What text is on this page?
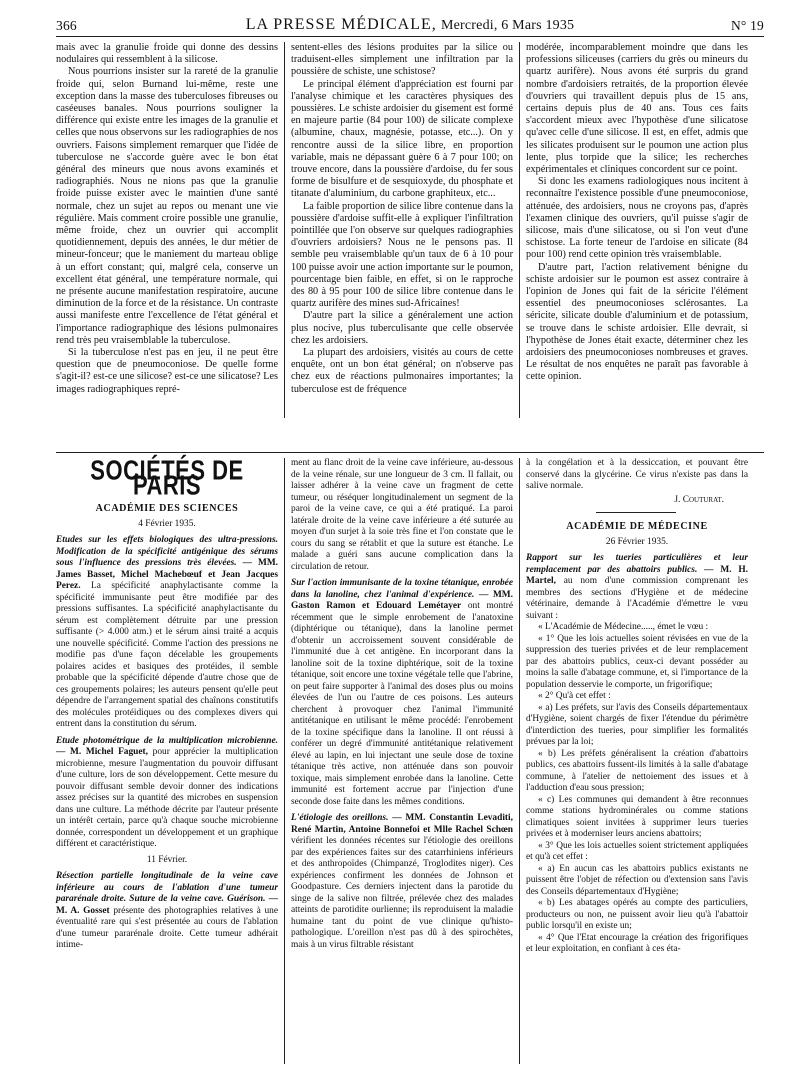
366	LA PRESSE MÉDICALE, Mercredi, 6 Mars 1935	N° 19

mais avec la granulie froide qui donne des dessins nodulaires qui ressemblent à la silicose.

Nous pourrions insister sur la rareté de la granulie froide qui, selon Burnand lui-même, reste une exception dans la masse des tuberculoses fibreuses ou caséeuses banales. Nous pourrions souligner la différence qui existe entre les images de la granulie et celles que nous observons sur les radiographies de nos ouvriers. Faisons simplement remarquer que l'idée de tuberculose ne s'accorde guère avec le bon état général des mineurs que nous avons examinés et radiographiés. Nous ne nions pas que la granulie froide puisse exister avec le maintien d'une santé normale, chez un sujet au repos ou menant une vie régulière. Mais comment croire possible une granulie, même froide, chez un ouvrier qui accomplit quotidiennement, depuis des années, le dur métier de mineur-fonceur; que le maniement du marteau oblige à un effort constant; qui, malgré cela, conserve un excellent état général, une température normale, qui ne présente aucune manifestation respiratoire, aucune diminution de la force et de la résistance. Un contraste aussi manifeste entre l'excellence de l'état général et l'importance radiographique des lésions pulmonaires rend très peu vraisemblable la tuberculose.

Si la tuberculose n'est pas en jeu, il ne peut être question que de pneumoconiose. De quelle forme s'agit-il? est-ce une silicose? est-ce une silicatose? Les images radiographiques repré-

sentent-elles des lésions produites par la silice ou traduisent-elles simplement une infiltration par la poussière de schiste, une schistose?

Le principal élément d'appréciation est fourni par l'analyse chimique et les caractères physiques des poussières. Le schiste ardoisier du gisement est formé en majeure partie (84 pour 100) de silicate complexe (albumine, chaux, magnésie, potasse, etc...). On y rencontre aussi de la silice libre, en proportion variable, mais ne dépassant guère 6 à 7 pour 100; on trouve encore, dans la poussière d'ardoise, du fer sous forme de bisulfure et de sesquioxyde, du phosphate et titanate d'aluminium, du carbone graphiteux, etc...

La faible proportion de silice libre contenue dans la poussière d'ardoise suffit-elle à expliquer l'infiltration pointillée que l'on observe sur quelques radiographies d'ouvriers ardoisiers? Nous ne le pensons pas. Il semble peu vraisemblable qu'un taux de 6 à 10 pour 100 puisse avoir une action importante sur le poumon, pourcentage bien faible, en effet, si on le rapproche des 80 à 95 pour 100 de silice libre contenue dans le quartz aurifère des mines sud-Africaines!

D'autre part la silice a généralement une action plus nocive, plus tuberculisante que celle observée chez les ardoisiers.

La plupart des ardoisiers, visités au cours de cette enquête, ont un bon état général; on n'observe pas chez eux de réactions pulmonaires importantes; la tuberculose est de fréquence

modérée, incomparablement moindre que dans les professions siliceuses (carriers du grès ou mineurs du quartz aurifère). Nous avons été surpris du grand nombre d'ardoisiers retraités, de la proportion élevée d'ouvriers qui travaillent depuis plus de 15 ans, certains depuis plus de 40 ans. Tous ces faits s'accordent mieux avec l'hypothèse d'une silicatose qu'avec celle d'une silicose. Il est, en effet, admis que les silicates produisent sur le poumon une action plus lente, plus torpide que la silice; les recherches expérimentales et cliniques concordent sur ce point.

Si donc les examens radiologiques nous incitent à reconnaître l'existence possible d'une pneumoconiose, atténuée, des ardoisiers, nous ne croyons pas, d'après l'examen clinique des ouvriers, qu'il puisse s'agir de silicose, mais d'une silicatose, ou si l'on veut d'une schistose. La forte teneur de l'ardoise en silicate (84 pour 100) rend cette opinion très vraisemblable.

D'autre part, l'action relativement bénigne du schiste ardoisier sur le poumon est assez contraire à l'opinion de Jones qui fait de la séricite l'élément essentiel des pneumoconioses sclérosantes. La séricite, silicate double d'aluminium et de potassium, se trouve dans le schiste ardoisier. Elle devrait, si l'hypothèse de Jones était exacte, déterminer chez les ardoisiers des pneumoconioses nombreuses et graves. Le résultat de nos enquêtes ne paraît pas favorable à cette opinion.

SOCIÉTÉS DE PARIS
ACADÉMIE DES SCIENCES
4 Février 1935.

Etudes sur les effets biologiques des ultra-pressions. Modification de la spécificité antigénique des sérums sous l'influence des pressions très élevées. — MM. James Basset, Michel Machebœuf et Jean Jacques Perez. La spécificité anaphylactisante comme la spécificité immunisante peut être modifiée par des pressions suffisantes. La spécificité anaphylactisante du sérum est complètement détruite par une pression suffisante (> 4.000 atm.) et le sérum ainsi traité a acquis une nouvelle spécificité. Comme l'action des pressions ne modifie pas d'une façon décelable les groupements polaires acides et basiques des protéides, il semble probable que la spécificité dépende d'autre chose que de ces groupements polaires; les auteurs pensent qu'elle peut dépendre de l'arrangement spatial des chaînons constitutifs des molécules protéidiques ou des complexes divers qui entrent dans la constitution du sérum.

Etude photométrique de la multiplication microbienne. — M. Michel Faguet, pour apprécier la multiplication microbienne, mesure l'augmentation du pouvoir diffusant d'une culture, lors de son développement. Cette mesure du pouvoir diffusant semble devoir donner des indications assez précises sur la quantité des microbes en suspension dans une culture. La méthode décrite par l'auteur présente un intérêt certain, parce qu'à chaque souche microbienne donnée, correspondent un développement et un graphique différent et caractéristique.

11 Février.

Résection partielle longitudinale de la veine cave inférieure au cours de l'ablation d'une tumeur pararénale droite. Suture de la veine cave. Guérison. — M. A. Gosset présente des photographies relatives à une éventualité rare qui s'est présentée au cours de l'ablation d'une tumeur pararénale droite. Cette tumeur adhérait intime-

ment au flanc droit de la veine cave inférieure, au-dessous de la veine rénale, sur une longueur de 3 cm. Il fallait, ou laisser adhérer à la veine cave un fragment de cette tumeur, ou réséquer longitudinalement un segment de la paroi de la veine cave, ce qui a été pratiqué. La paroi latérale droite de la veine cave inférieure a été suturée au moyen d'un surjet à la soie très fine et l'on constate que le cours du sang se rétablit et que la suture est étanche. Le malade a guéri sans aucune complication dans la circulation de retour.

Sur l'action immunisante de la toxine tétanique, enrobée dans la lanoline, chez l'animal d'expérience. — MM. Gaston Ramon et Edouard Lemétayer ont montré récemment que le simple enrobement de l'anatoxine (diphtérique ou tétanique), dans la lanoline permet d'obtenir un accroissement souvent considérable de l'immunité due à cet antigène. En incorporant dans la lanoline soit de la toxine diphtérique, soit de la toxine tétanique, soit encore une toxine végétale telle que l'abrine, on peut faire supporter à l'animal des doses plus ou moins élevées de l'un ou l'autre de ces poisons. Les auteurs cherchent à provoquer chez l'animal l'immunité antitétanique en utilisant le même procédé: l'enrobement de la toxine spécifique dans la lanoline. Il ont réussi à conférer un degré d'immunité antitétanique relativement élevé au lapin, en lui injectant une seule dose de toxine tétanique très active, non atténuée dans son pouvoir toxique, mais simplement enrobée dans la lanoline. Cette immunité est fortement accrue par l'injection d'une seconde dose faite dans les mêmes conditions.

L'étiologie des oreillons. — MM. Constantin Levaditi, René Martin, Antoine Bonnefoi et Mlle Rachel Schœn vérifient les données récentes sur l'étiologie des oreillons par des expériences faites sur des catarrhiniens inférieurs et des anthropoïdes (Chimpanzé, Troglodites niger). Ces expériences confirment les données de Johnson et Goodpasture. Ces derniers injectent dans la parotide du singe de la salive non filtrée, prélevée chez des malades atteints de parotidite ourlienne; ils reproduisent la maladie humaine tant du point de vue clinique qu'histo-pathologique. L'oreillon n'est pas dû à des spirochètes, mais à un virus filtrable résistant

à la congélation et à la dessiccation, et pouvant être conservé dans la glycérine. Ce virus n'existe pas dans la salive normale.

J. Couturat.
ACADÉMIE DE MÉDECINE
26 Février 1935.

Rapport sur les tueries particulières et leur remplacement par des abattoirs publics. — M. H. Martel, au nom d'une commission comprenant les membres des sections d'Hygiène et de médecine vétérinaire, demande à l'Académie d'émettre le vœu suivant :

« L'Académie de Médecine....., émet le vœu :

« 1° Que les lois actuelles soient révisées en vue de la suppression des tueries privées et de leur remplacement par des abattoirs publics, ceux-ci devant posséder au moins la salle d'abatage commune, et, si l'importance de la population desservie le comporte, un frigorifique;

« 2° Qu'à cet effet :

« a) Les préfets, sur l'avis des Conseils départementaux d'Hygiène, soient chargés de fixer l'étendue du périmètre d'interdiction des tueries, pour simplifier les formalités prévues par la loi;

« b) Les préfets généralisent la création d'abattoirs publics, ces abattoirs fussent-ils limités à la salle d'abatage commune, à l'atelier de nettoiement des issues et à l'adduction d'eau sous pression;

« c) Les communes qui demandent à être reconnues comme stations hydrominérales ou comme stations climatiques soient invitées à supprimer leurs tueries privées et à moderniser leurs anciens abattoirs;

« 3° Que les lois actuelles soient strictement appliquées et qu'à cet effet :

« a) En aucun cas les abattoirs publics existants ne puissent être l'objet de réfection ou d'extension sans l'avis des Conseils départementaux d'Hygiène;

« b) Les abatages opérés au compte des particuliers, producteurs ou non, ne puissent avoir lieu qu'à l'abattoir public lorsqu'il en existe un;

« 4° Que l'Etat encourage la création des frigorifiques et leur exploitation, en confiant à ces éta-
